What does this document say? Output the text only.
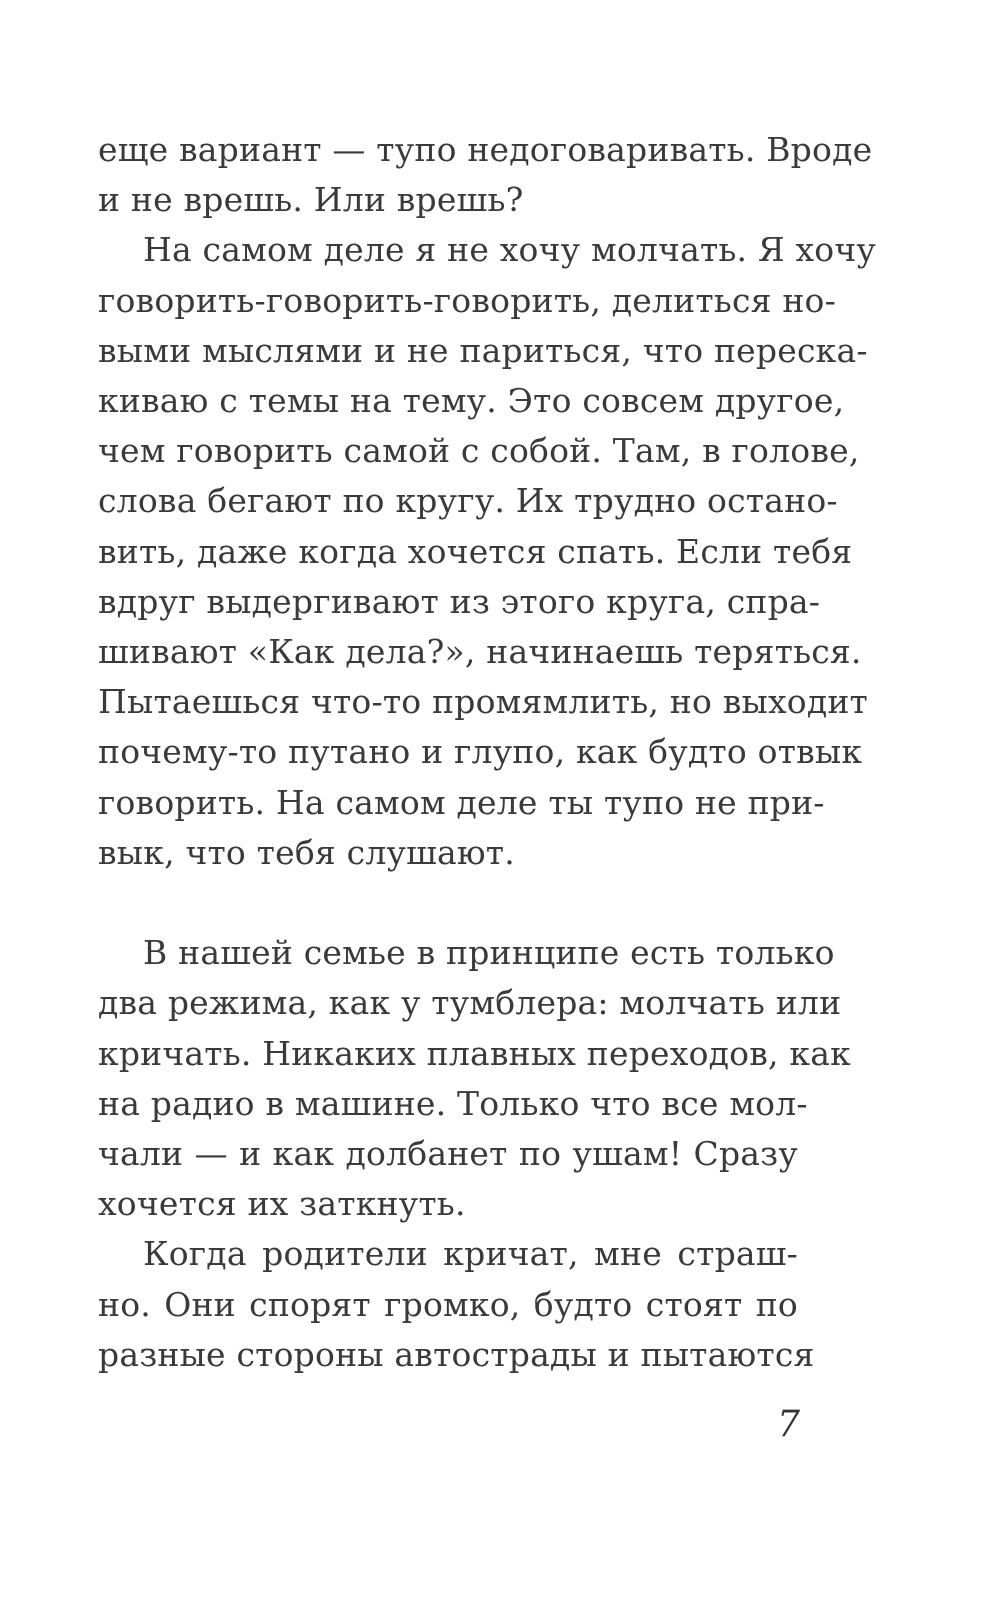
еще вариант — тупо недоговаривать. Вроде
и не врешь. Или врешь?
На самом деле я не хочу молчать. Я хочу
говорить-говорить-говорить, делиться но-
выми мыслями и не париться, что переска-
киваю с темы на тему. Это совсем другое,
чем говорить самой с собой. Там, в голове,
слова бегают по кругу. Их трудно остано-
вить, даже когда хочется спать. Если тебя
вдруг выдергивают из этого круга, спра-
шивают «Как дела?», начинаешь теряться.
Пытаешься что-то промямлить, но выходит
почему-то путано и глупо, как будто отвык
говорить. На самом деле ты тупо не при-
вык, что тебя слушают.
В нашей семье в принципе есть только
два режима, как у тумблера: молчать или
кричать. Никаких плавных переходов, как
на радио в машине. Только что все мол-
чали — и как долбанет по ушам! Сразу
хочется их заткнуть.
Когда родители кричат, мне страш-
но. Они спорят громко, будто стоят по
разные стороны автострады и пытаются
7
